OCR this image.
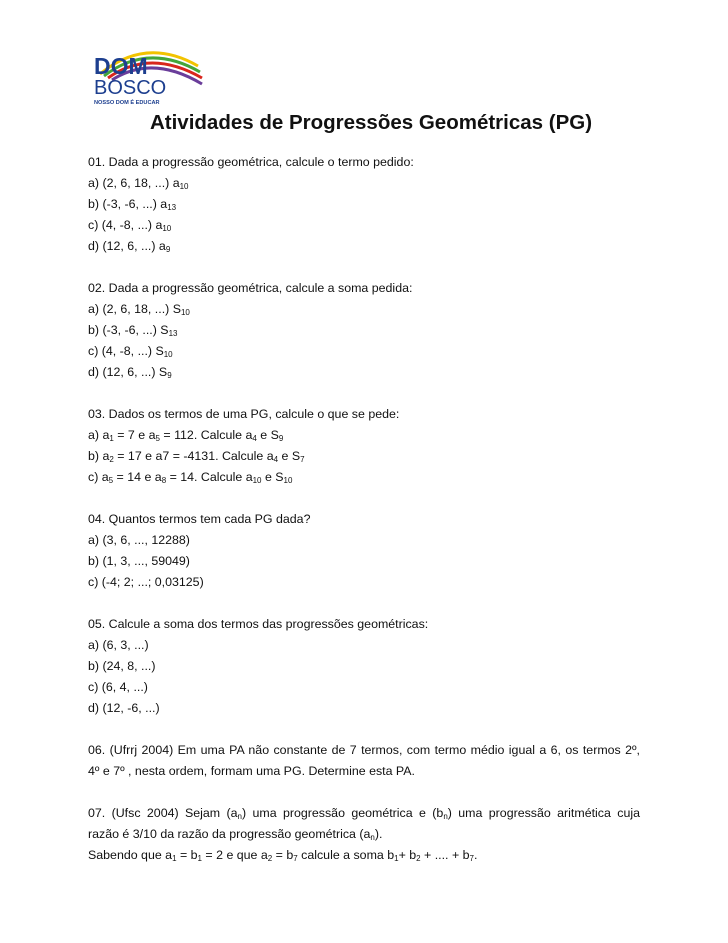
DOM
BOSCO
NOSSO DOM É EDUCAR
Atividades de Progressões Geométricas (PG)
01. Dada a progressão geométrica, calcule o termo pedido:
a) (2, 6, 18, ...) $a_{10}$
b) (-3, -6, ...) $a_{13}$
c) (4, -8, ...) $a_{10}$
d) (12, 6, ...) $a_9$
02. Dada a progressão geométrica, calcule a soma pedida:
a) (2, 6, 18, ...) $S_{10}$
b) (-3, -6, ...) $S_{13}$
c) (4, -8, ...) $S_{10}$
d) (12, 6, ...) $S_9$
03. Dados os termos de uma PG, calcule o que se pede:
a) $a_1 = 7$ e $a_5 = 112$. Calcule $a_4$ e $S_9$
b) $a_2 = 17$ e a7 = -4131. Calcule $a_4$ e $S_7$
c) $a_5 = 14$ e $a_8 = 14$. Calcule $a_{10}$ e $S_{10}$
04. Quantos termos tem cada PG dada?
a) (3, 6, ..., 12288)
b) (1, 3, ..., 59049)
c) (-4; 2; ...; 0,03125)
05. Calcule a soma dos termos das progressões geométricas:
a) (6, 3, ...)
b) (24, 8, ...)
c) (6, 4, ...)
d) (12, -6, ...)
06. (Ufrrj 2004) Em uma PA não constante de 7 termos, com termo médio igual a 6, os termos 2º,
4º e 7º , nesta ordem, formam uma PG. Determine esta PA.
07. (Ufsc 2004) Sejam $(a_n)$ uma progressão geométrica e $(b_n)$ uma progressão aritmética cuja
razão é 3/10 da razão da progressão geométrica $(a_n)$.
Sabendo que $a_1 = b_1 = 2$ e que $a_2 = b_7$ calcule a soma $b_1+ b_2$ + .... + $b_7$.
